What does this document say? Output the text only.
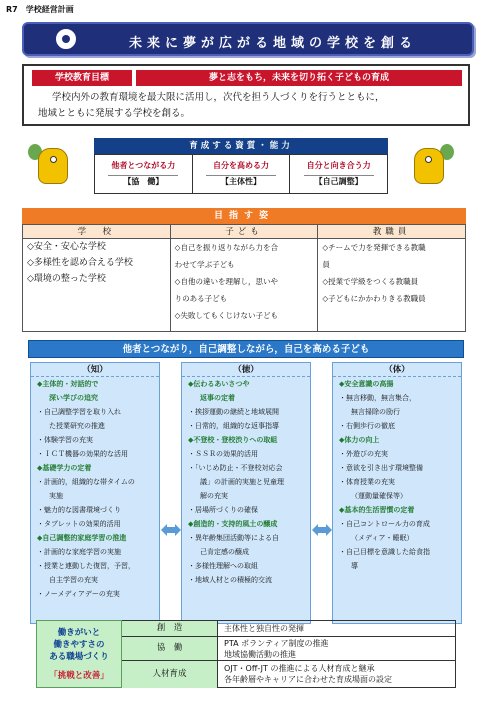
R7　学校経営計画
未来に夢が広がる地域の学校を創る
学校教育目標	夢と志をもち，未来を切り拓く子どもの育成
学校内外の教育環境を最大限に活用し，次代を担う人づくりを行うとともに，
地域とともに発展する学校を創る。
育成する資質・能力
他者とつながる力
【協　働】
自分を高める力
【主体性】
自分と向き合う力
【自己調整】
目指す姿
学　校
◇安全・安心な学校
◇多様性を認め合える学校
◇環境の整った学校
子ども
◇自己を振り返りながら力を合
わせて学ぶ子ども
◇自他の違いを理解し，思いや
りのある子ども
◇失敗してもくじけない子ども
教職員
◇チームで力を発揮できる教職
員
◇授業で学級をつくる教職員
◇子どもにかかわりきる教職員
他者とつながり，自己調整しながら，自己を高める子ども
（知）
◆主体的・対話的で
深い学びの追究
・自己調整学習を取り入れ
た授業研究の推進
・体験学習の充実
・ＩＣＴ機器の効果的な活用
◆基礎学力の定着
・計画的，組織的な帯タイムの
実施
・魅力的な図書環境づくり
・タブレットの効果的活用
◆自己調整的家庭学習の推進
・計画的な家庭学習の実施
・授業と連動した復習，予習，
自主学習の充実
・ノーメディアデーの充実
（徳）
◆伝わるあいさつや
返事の定着
・挨拶運動の継続と地域展開
・日常的，組織的な返事指導
◆不登校・登校渋りへの取組
・ＳＳＲの効果的活用
・「いじめ防止・不登校対応会
議」の計画的実施と児童理
解の充実
・居場所づくりの確保
◆創造的・支持的風土の醸成
・異年齢集団活動等による自
己肯定感の醸成
・多様性理解への取組
・地域人材との積極的交流
（体）
◆安全意識の高揚
・無言移動，無言集合，
無言掃除の励行
・右側歩行の徹底
◆体力の向上
・外遊びの充実
・意欲を引き出す環境整備
・体育授業の充実
（運動量確保等）
◆基本的生活習慣の定着
・自己コントロール力の育成
（メディア・睡眠）
・自己目標を意識した給食指
導
働きがいと
働きやすさの
ある職場づくり
「挑戦と改善」
創　造	主体性と独自性の発揮
協　働	PTA ボランティア制度の推進
地域協働活動の推進
人材育成
OJT・Off-JT の推進による人材育成と継承
各年齢層やキャリアに合わせた育成場面の設定
